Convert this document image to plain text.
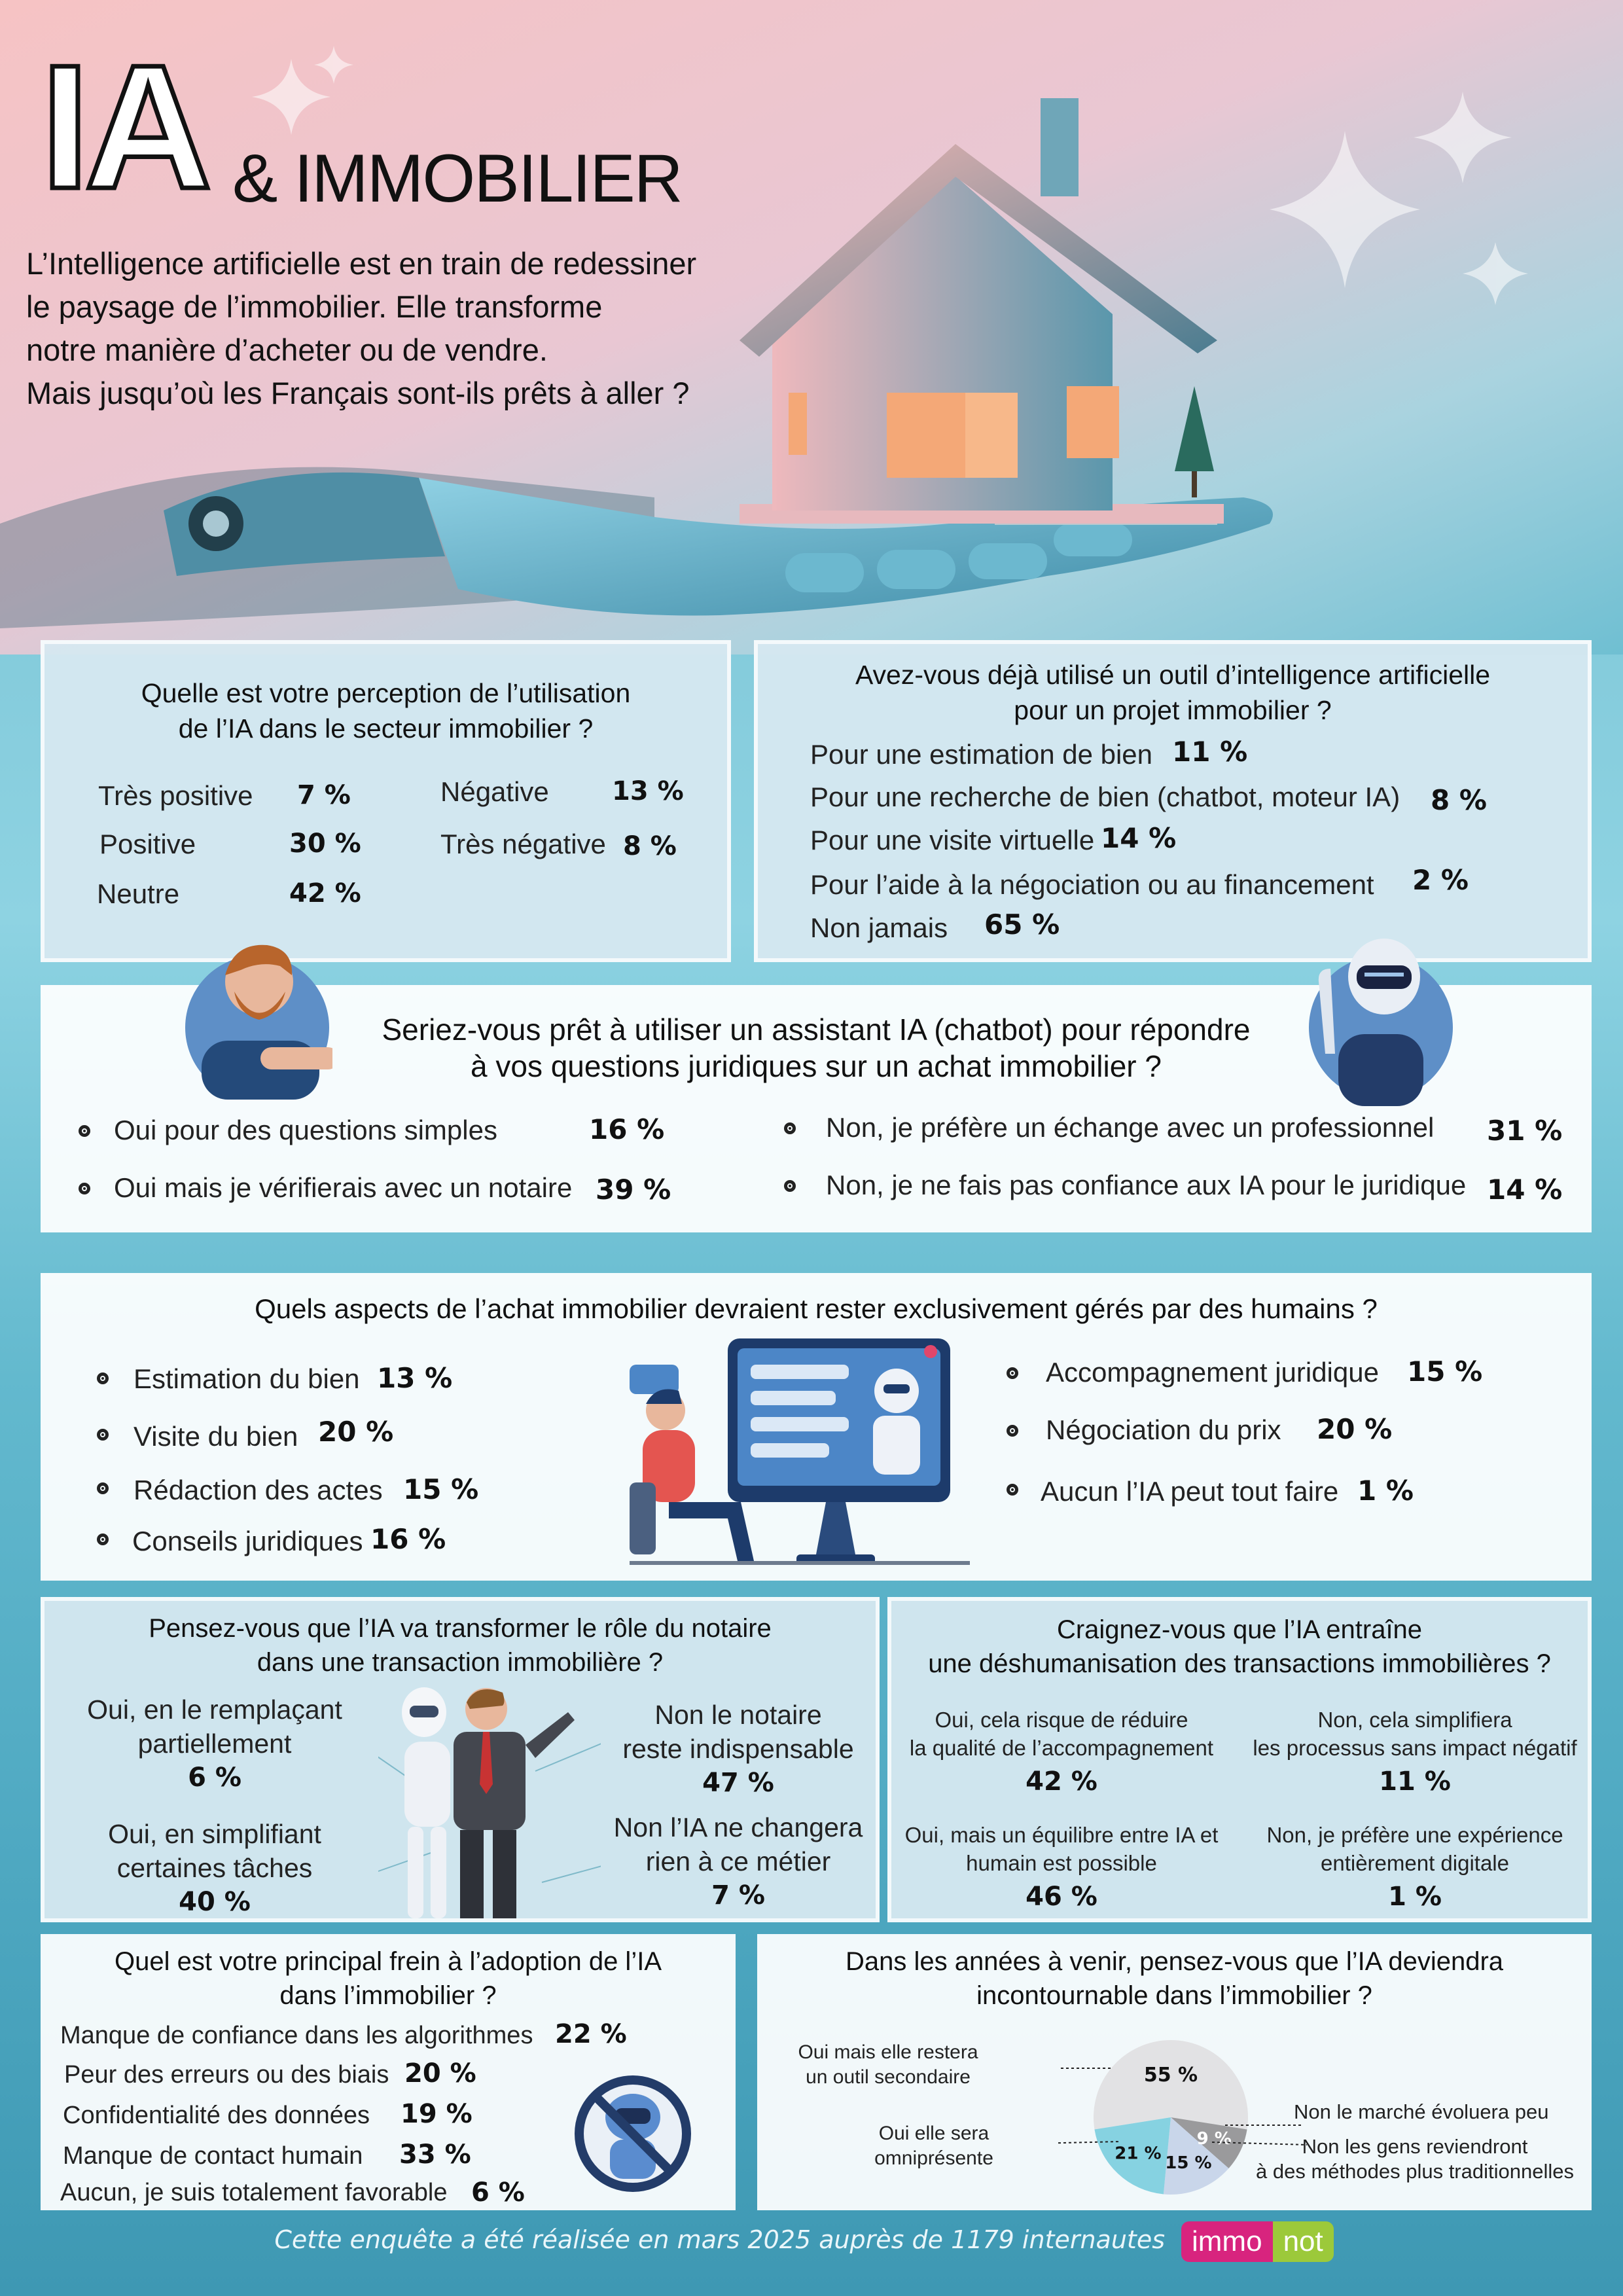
IA & IMMOBILIER
L’Intelligence artificielle est en train de redessiner
le paysage de l’immobilier. Elle transforme
notre manière d’acheter ou de vendre.
Mais jusqu’où les Français sont-ils prêts à aller ?
Quelle est votre perception de l’utilisation
de l’IA dans le secteur immobilier ?
Très positive 7 %
Positive	30 %
Neutre	42 %
Négative 13 %
Très négative 8 %
Avez-vous déjà utilisé un outil d’intelligence artificielle
pour un projet immobilier ?
Pour une estimation de bien 11 %
Pour une recherche de bien (chatbot, moteur IA) 8 %
Pour une visite virtuelle 14 %
Pour l’aide à la négociation ou au financement 2 %
Non jamais 65 %
Seriez-vous prêt à utiliser un assistant IA (chatbot) pour répondre
à vos questions juridiques sur un achat immobilier ?
Oui pour des questions simples	16 %
Oui mais je vérifierais avec un notaire 39 %
Non, je préfère un échange avec un professionnel 31 %
Non, je ne fais pas confiance aux IA pour le juridique 14 %
Quels aspects de l’achat immobilier devraient rester exclusivement gérés par des humains ?
Estimation du bien 13 %
Visite du bien 20 %
Rédaction des actes 15 %
Conseils juridiques 16 %
Accompagnement juridique 15 %
Négociation du prix 20 %
Aucun l’IA peut tout faire 1 %
Pensez-vous que l’IA va transformer le rôle du notaire
dans une transaction immobilière ?
Oui, en le remplaçant
partiellement
6 %
Oui, en simplifiant
certaines tâches
40 %
Non le notaire
reste indispensable
47 %
Non l’IA ne changera
rien à ce métier
7 %
Craignez-vous que l’IA entraîne
une déshumanisation des transactions immobilières ?
Oui, cela risque de réduire
la qualité de l’accompagnement
42 %
Non, cela simplifiera
les processus sans impact négatif
11 %
Oui, mais un équilibre entre IA et
humain est possible
46 %
Non, je préfère une expérience
entièrement digitale
1 %
Quel est votre principal frein à l’adoption de l’IA
dans l’immobilier ?
Manque de confiance dans les algorithmes 22 %
Peur des erreurs ou des biais 20 %
Confidentialité des données 19 %
Manque de contact humain 33 %
Aucun, je suis totalement favorable 6 %
Dans les années à venir, pensez-vous que l’IA deviendra
incontournable dans l’immobilier ?
Oui mais elle restera
un outil secondaire
Oui elle sera
omniprésente
Non le marché évoluera peu
Non les gens reviendront
à des méthodes plus traditionnelles
55 %
9 %
15 %
21 %
Cette enquête a été réalisée en mars 2025 auprès de 1179 internautes immo not
